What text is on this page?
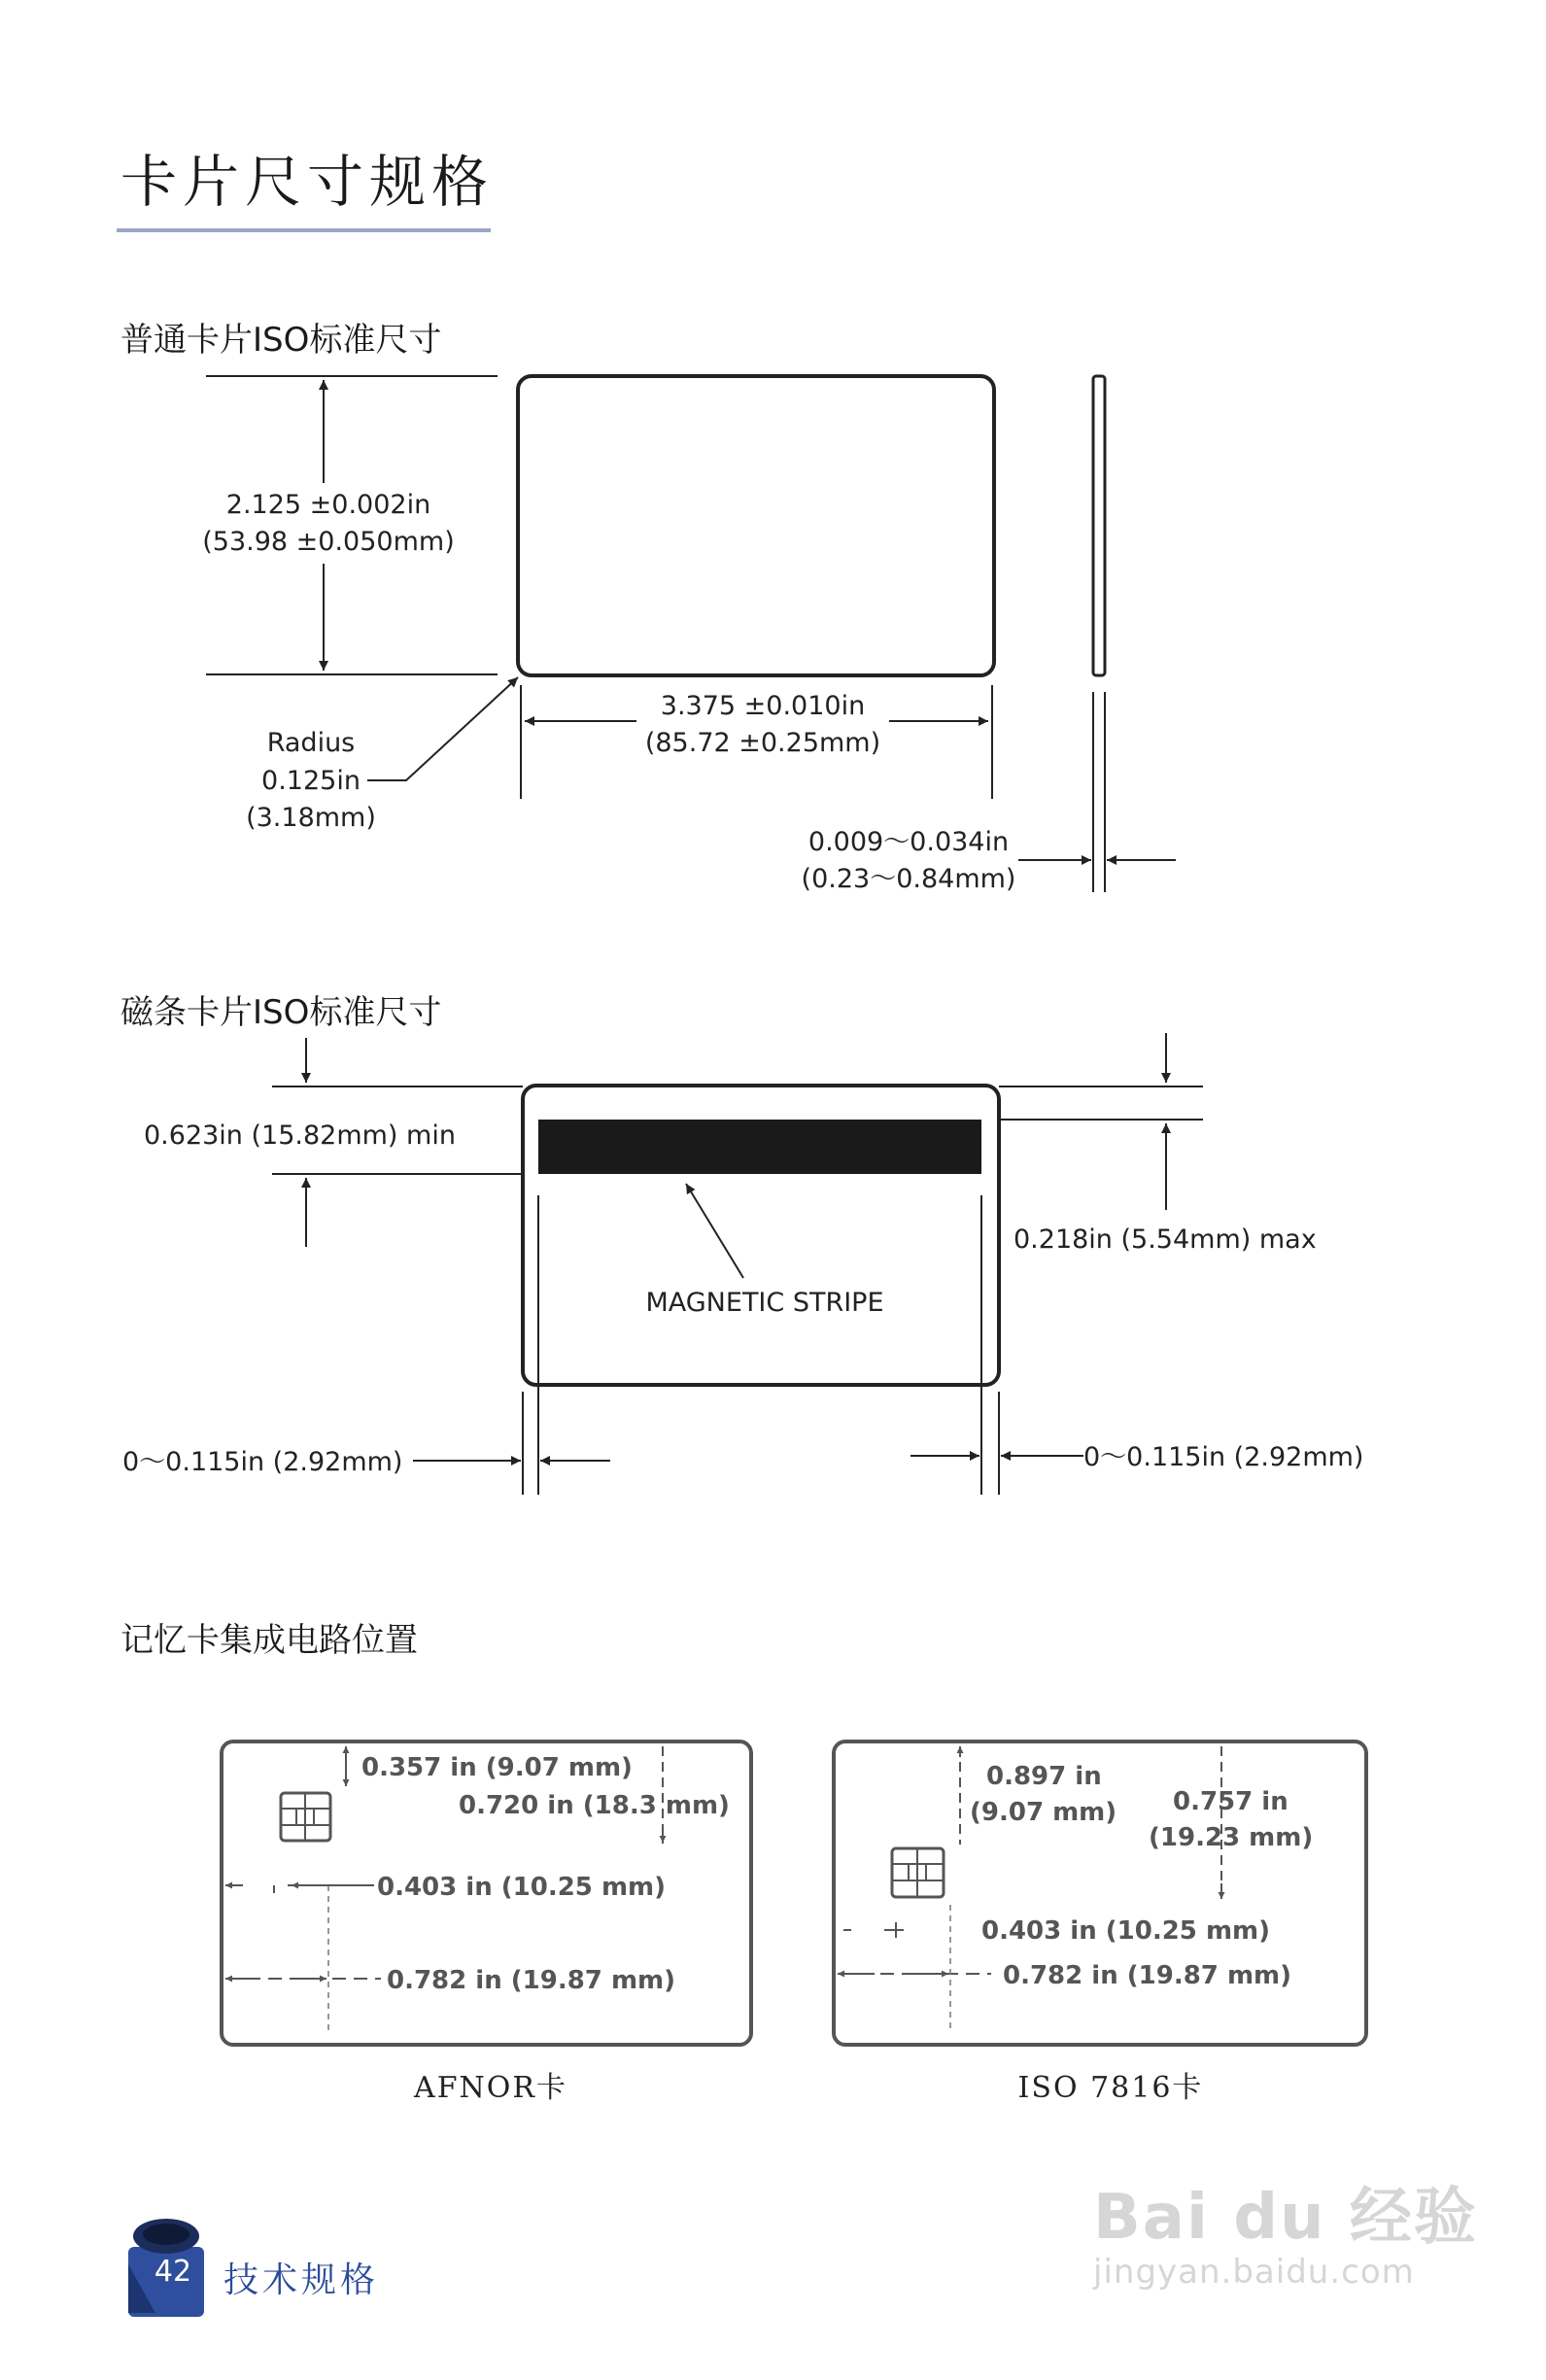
卡片尺寸规格
普通卡片ISO标准尺寸
磁条卡片ISO标准尺寸
记忆卡集成电路位置
2.125 ±0.002in
(53.98 ±0.050mm)
3.375 ±0.010in
(85.72 ±0.25mm)
Radius
0.125in
(3.18mm)
0.009～0.034in
(0.23～0.84mm)
0.623in (15.82mm) min
0.218in (5.54mm) max
MAGNETIC STRIPE
0～0.115in (2.92mm)	0～0.115in (2.92mm)
0.357 in (9.07 mm)
0.720 in (18.3 mm)
0.403 in (10.25 mm)
0.782 in (19.87 mm)
AFNOR卡
0.897 in
(9.07 mm) 0.757 in
(19.23 mm)
0.403 in (10.25 mm)
0.782 in (19.87 mm)
ISO 7816卡
42 技术规格
Bai du 经验
jingyan.baidu.com
